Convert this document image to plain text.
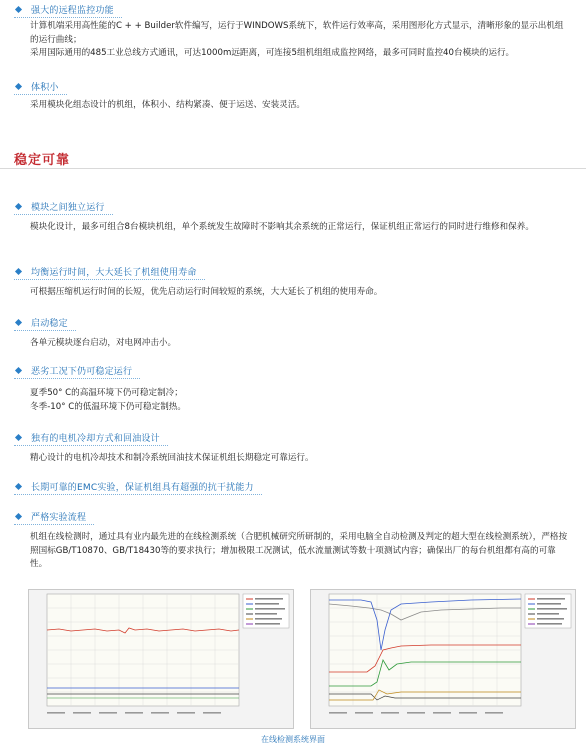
强大的远程监控功能
计算机端采用高性能的C + + Builder软件编写，运行于WINDOWS系统下，软件运行效率高，采用图形化方式显示，清晰形象的显示出机组的运行曲线；
采用国际通用的485工业总线方式通讯，可达1000m远距离，可连接5组机组组成监控网络，最多可同时监控40台模块的运行。
体积小
采用模块化组态设计的机组，体积小、结构紧凑、便于运送、安装灵活。
稳定可靠
模块之间独立运行
模块化设计，最多可组合8台模块机组，单个系统发生故障时不影响其余系统的正常运行，保证机组正常运行的同时进行维修和保养。
均衡运行时间，大大延长了机组使用寿命
可根据压缩机运行时间的长短，优先启动运行时间较短的系统，大大延长了机组的使用寿命。
启动稳定
各单元模块逐台启动，对电网冲击小。
恶劣工况下仍可稳定运行
夏季50° C的高温环境下仍可稳定制冷；
冬季-10° C的低温环境下仍可稳定制热。
独有的电机冷却方式和回油设计
精心设计的电机冷却技术和制冷系统回油技术保证机组长期稳定可靠运行。
长期可靠的EMC实验，保证机组具有超强的抗干扰能力
严格实验流程
机组在线检测时，通过具有业内最先进的在线检测系统（合肥机械研究所研制的，采用电脑全自动检测及判定的超大型在线检测系统），严格按照国标GB/T10870、GB/T18430等的要求执行；增加极限工况测试，低水流量测试等数十项测试内容；确保出厂的每台机组都有高的可靠性。
在线检测系统界面
